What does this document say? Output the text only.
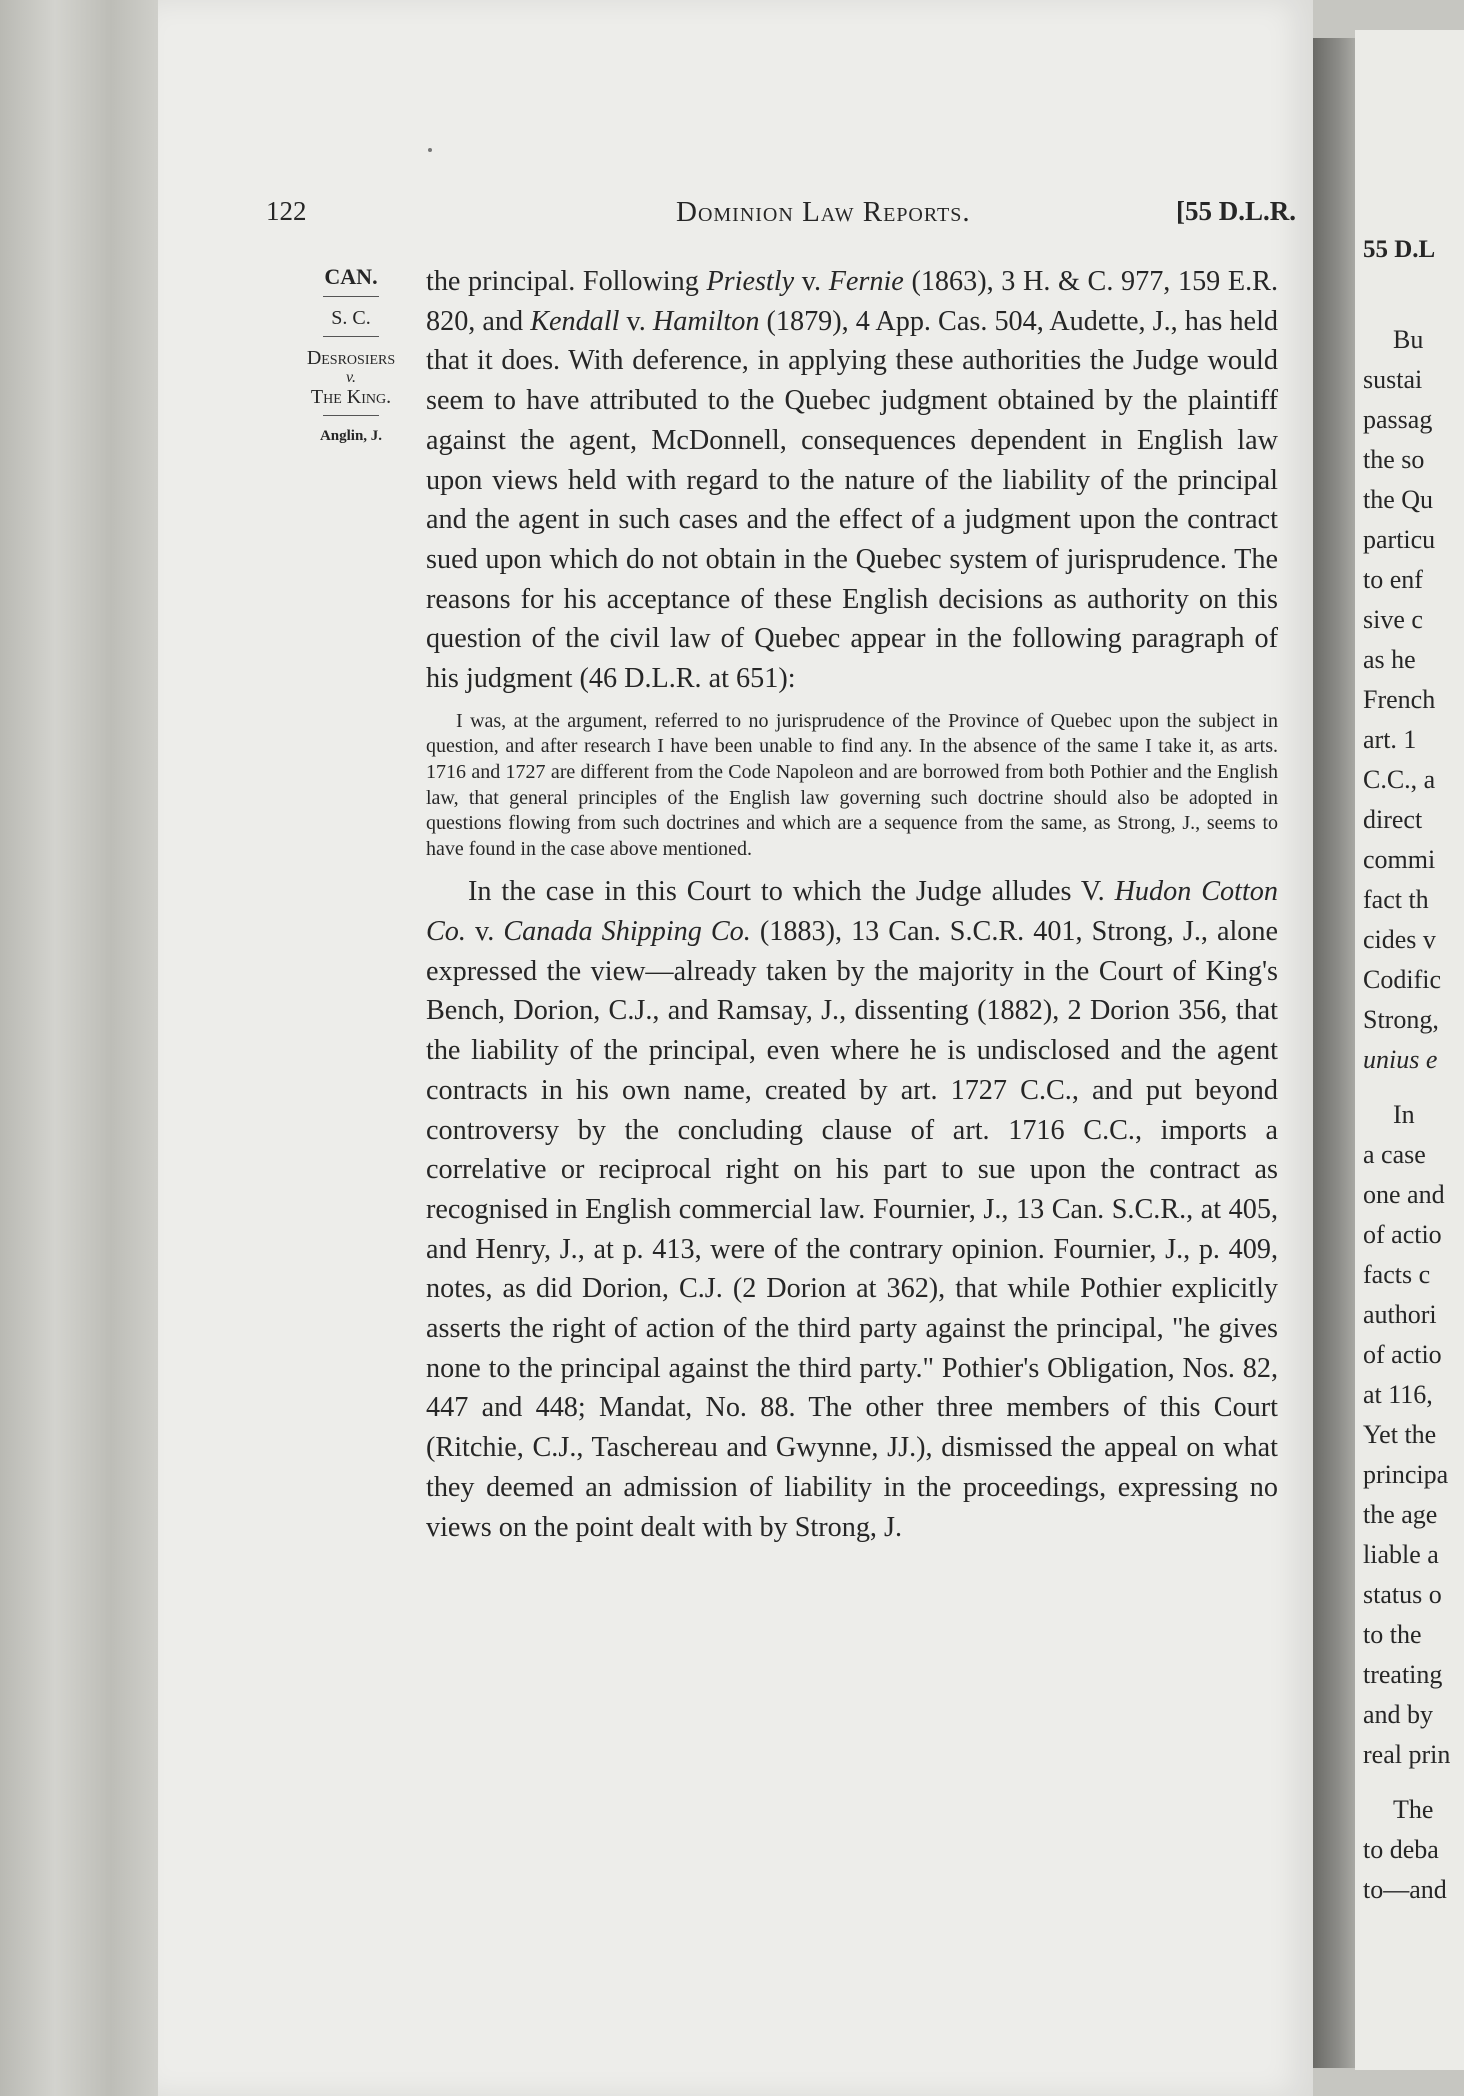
55 D.L
Bu
sustai
passag
the so
the Qu
particu
to enf
sive c
as he
French
art. 1
C.C., a
direct
commi
fact th
cides v
Codific
Strong,
unius e
In
a case
one and
of actio
facts c
authori
of actio
at 116,
Yet the
principa
the age
liable a
status o
to the
treating
and by
real prin
The
to deba
to—and
122	Dominion Law Reports.	[55 D.L.R.
CAN.
S. C.
Desrosiers
v.
The King.
Anglin, J.

the principal. Following Priestly v. Fernie (1863), 3 H. & C. 977, 159 E.R. 820, and Kendall v. Hamilton (1879), 4 App. Cas. 504, Audette, J., has held that it does. With deference, in applying these authorities the Judge would seem to have attributed to the Quebec judgment obtained by the plaintiff against the agent, McDonnell, consequences dependent in English law upon views held with regard to the nature of the liability of the principal and the agent in such cases and the effect of a judgment upon the contract sued upon which do not obtain in the Quebec system of jurisprudence. The reasons for his acceptance of these English decisions as authority on this question of the civil law of Quebec appear in the following paragraph of his judgment (46 D.L.R. at 651):

I was, at the argument, referred to no jurisprudence of the Province of Quebec upon the subject in question, and after research I have been unable to find any. In the absence of the same I take it, as arts. 1716 and 1727 are different from the Code Napoleon and are borrowed from both Pothier and the English law, that general principles of the English law governing such doctrine should also be adopted in questions flowing from such doctrines and which are a sequence from the same, as Strong, J., seems to have found in the case above mentioned.

In the case in this Court to which the Judge alludes V. Hudon Cotton Co. v. Canada Shipping Co. (1883), 13 Can. S.C.R. 401, Strong, J., alone expressed the view—already taken by the majority in the Court of King's Bench, Dorion, C.J., and Ramsay, J., dissenting (1882), 2 Dorion 356, that the liability of the principal, even where he is undisclosed and the agent contracts in his own name, created by art. 1727 C.C., and put beyond controversy by the concluding clause of art. 1716 C.C., imports a correlative or reciprocal right on his part to sue upon the contract as recognised in English commercial law. Fournier, J., 13 Can. S.C.R., at 405, and Henry, J., at p. 413, were of the contrary opinion. Fournier, J., p. 409, notes, as did Dorion, C.J. (2 Dorion at 362), that while Pothier explicitly asserts the right of action of the third party against the principal, "he gives none to the principal against the third party." Pothier's Obligation, Nos. 82, 447 and 448; Mandat, No. 88. The other three members of this Court (Ritchie, C.J., Taschereau and Gwynne, JJ.), dismissed the appeal on what they deemed an admission of liability in the proceedings, expressing no views on the point dealt with by Strong, J.
